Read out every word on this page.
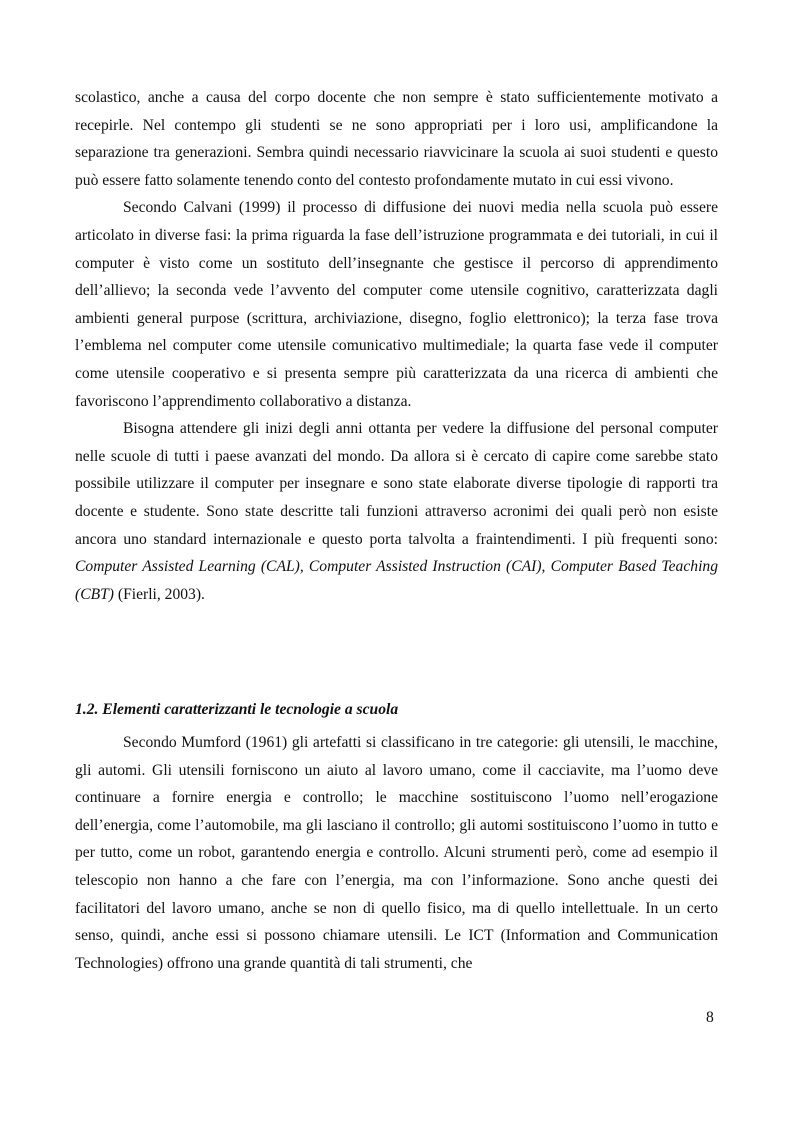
scolastico, anche a causa del corpo docente che non sempre è stato sufficientemente motivato a recepirle. Nel contempo gli studenti se ne sono appropriati per i loro usi, amplificandone la separazione tra generazioni. Sembra quindi necessario riavvicinare la scuola ai suoi studenti e questo può essere fatto solamente tenendo conto del contesto profondamente mutato in cui essi vivono.

Secondo Calvani (1999) il processo di diffusione dei nuovi media nella scuola può essere articolato in diverse fasi: la prima riguarda la fase dell’istruzione programmata e dei tutoriali, in cui il computer è visto come un sostituto dell’insegnante che gestisce il percorso di apprendimento dell’allievo; la seconda vede l’avvento del computer come utensile cognitivo, caratterizzata dagli ambienti general purpose (scrittura, archiviazione, disegno, foglio elettronico); la terza fase trova l’emblema nel computer come utensile comunicativo multimediale; la quarta fase vede il computer come utensile cooperativo e si presenta sempre più caratterizzata da una ricerca di ambienti che favoriscono l’apprendimento collaborativo a distanza.

Bisogna attendere gli inizi degli anni ottanta per vedere la diffusione del personal computer nelle scuole di tutti i paese avanzati del mondo. Da allora si è cercato di capire come sarebbe stato possibile utilizzare il computer per insegnare e sono state elaborate diverse tipologie di rapporti tra docente e studente. Sono state descritte tali funzioni attraverso acronimi dei quali però non esiste ancora uno standard internazionale e questo porta talvolta a fraintendimenti. I più frequenti sono: Computer Assisted Learning (CAL), Computer Assisted Instruction (CAI), Computer Based Teaching (CBT) (Fierli, 2003).

1.2. Elementi caratterizzanti le tecnologie a scuola

Secondo Mumford (1961) gli artefatti si classificano in tre categorie: gli utensili, le macchine, gli automi. Gli utensili forniscono un aiuto al lavoro umano, come il cacciavite, ma l’uomo deve continuare a fornire energia e controllo; le macchine sostituiscono l’uomo nell’erogazione dell’energia, come l’automobile, ma gli lasciano il controllo; gli automi sostituiscono l’uomo in tutto e per tutto, come un robot, garantendo energia e controllo. Alcuni strumenti però, come ad esempio il telescopio non hanno a che fare con l’energia, ma con l’informazione. Sono anche questi dei facilitatori del lavoro umano, anche se non di quello fisico, ma di quello intellettuale. In un certo senso, quindi, anche essi si possono chiamare utensili. Le ICT (Information and Communication Technologies) offrono una grande quantità di tali strumenti, che

8
